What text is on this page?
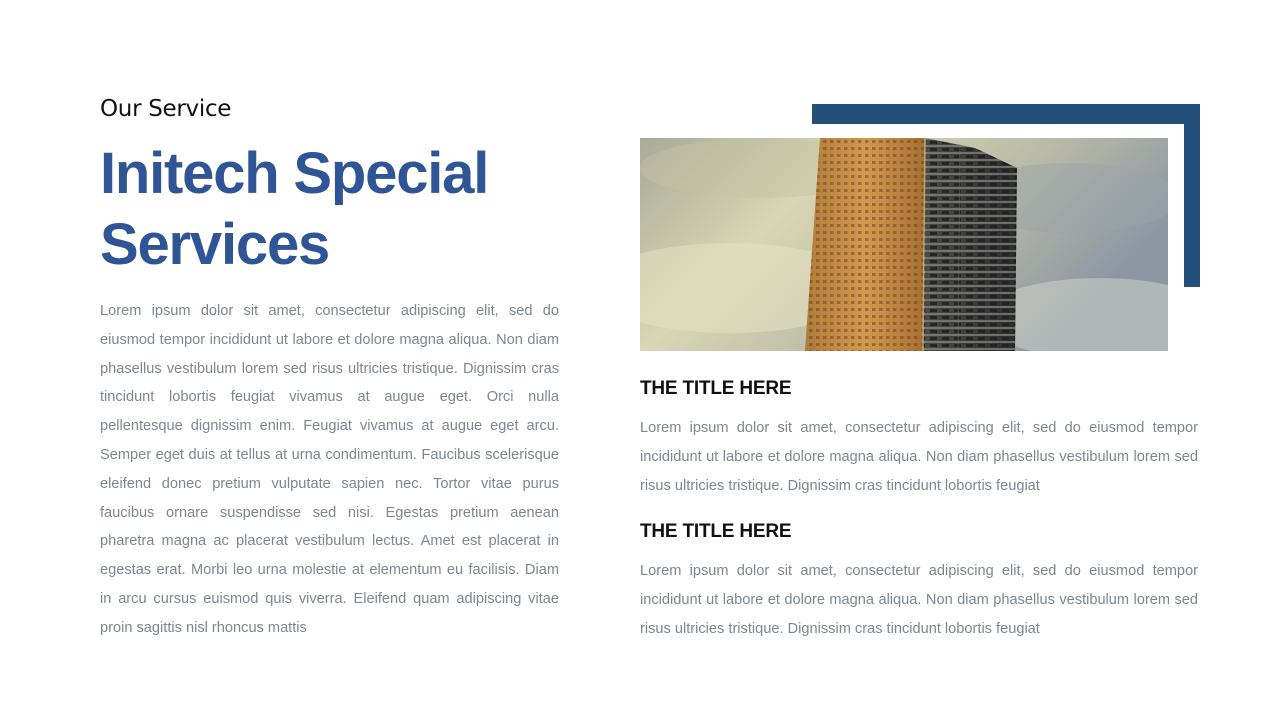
Our Service
Initech Special Services

Lorem ipsum dolor sit amet, consectetur adipiscing elit, sed do eiusmod tempor incididunt ut labore et dolore magna aliqua. Non diam phasellus vestibulum lorem sed risus ultricies tristique. Dignissim cras tincidunt lobortis feugiat vivamus at augue eget. Orci nulla pellentesque dignissim enim. Feugiat vivamus at augue eget arcu. Semper eget duis at tellus at urna condimentum. Faucibus scelerisque eleifend donec pretium vulputate sapien nec. Tortor vitae purus faucibus ornare suspendisse sed nisi. Egestas pretium aenean pharetra magna ac placerat vestibulum lectus. Amet est placerat in egestas erat. Morbi leo urna molestie at elementum eu facilisis. Diam in arcu cursus euismod quis viverra. Eleifend quam adipiscing vitae proin sagittis nisl rhoncus mattis

THE TITLE HERE

Lorem ipsum dolor sit amet, consectetur adipiscing elit, sed do eiusmod tempor incididunt ut labore et dolore magna aliqua. Non diam phasellus vestibulum lorem sed risus ultricies tristique. Dignissim cras tincidunt lobortis feugiat

THE TITLE HERE

Lorem ipsum dolor sit amet, consectetur adipiscing elit, sed do eiusmod tempor incididunt ut labore et dolore magna aliqua. Non diam phasellus vestibulum lorem sed risus ultricies tristique. Dignissim cras tincidunt lobortis feugiat
